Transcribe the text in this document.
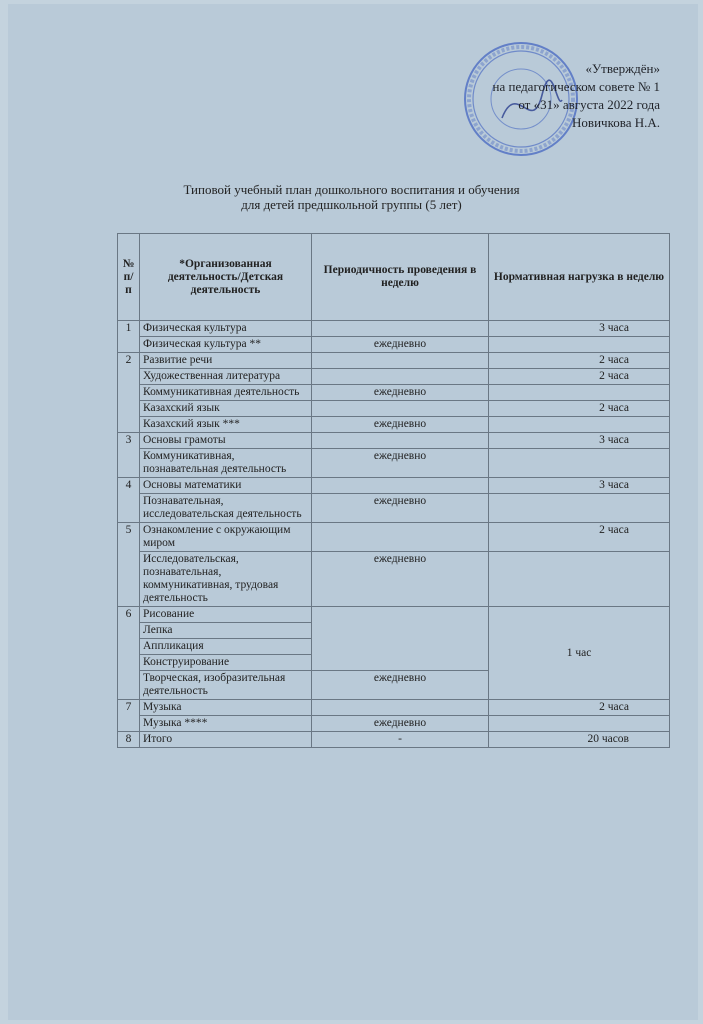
«Утверждён»
на педагогическом совете № 1
от «31» августа 2022 года
Новичкова Н.А.
Типовой учебный план дошкольного воспитания и обучения
для детей предшкольной группы (5 лет)
№ п/п	*Организованная деятельность/Детская деятельность	Периодичность проведения в неделю	Нормативная нагрузка в неделю
1	Физическая культура		3 часа
	Физическая культура **	ежедневно	
2	Развитие речи		2 часа
	Художественная литература		2 часа
	Коммуникативная деятельность	ежедневно	
	Казахский язык		2 часа
	Казахский язык ***	ежедневно	
3	Основы грамоты		3 часа
	Коммуникативная, познавательная деятельность	ежедневно	
4	Основы математики		3 часа
	Познавательная, исследовательская деятельность	ежедневно	
5	Ознакомление с окружающим миром		2 часа
	Исследовательская, познавательная, коммуникативная, трудовая деятельность	ежедневно	
6	Рисование		1 час
	Лепка		
	Аппликация		
	Конструирование		
	Творческая, изобразительная деятельность	ежедневно	
7	Музыка		2 часа
	Музыка ****	ежедневно	
8	Итого	-	20 часов
